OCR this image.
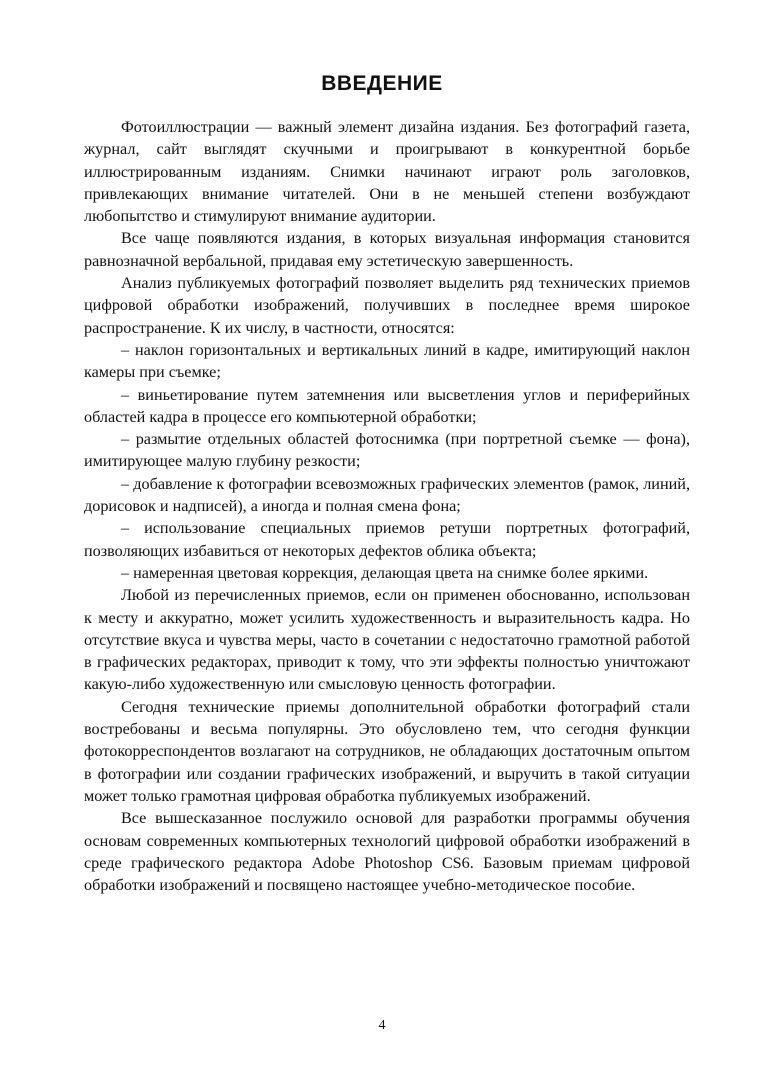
ВВЕДЕНИЕ

Фотоиллюстрации — важный элемент дизайна издания. Без фотографий газета, журнал, сайт выглядят скучными и проигрывают в конкурентной борьбе иллюстрированным изданиям. Снимки начинают играют роль заголовков, привлекающих внимание читателей. Они в не меньшей степени возбуждают любопытство и стимулируют внимание аудитории.

Все чаще появляются издания, в которых визуальная информация становится равнозначной вербальной, придавая ему эстетическую завершенность.

Анализ публикуемых фотографий позволяет выделить ряд технических приемов цифровой обработки изображений, получивших в последнее время широкое распространение. К их числу, в частности, относятся:

– наклон горизонтальных и вертикальных линий в кадре, имитирующий наклон камеры при съемке;

– виньетирование путем затемнения или высветления углов и периферийных областей кадра в процессе его компьютерной обработки;

– размытие отдельных областей фотоснимка (при портретной съемке — фона), имитирующее малую глубину резкости;

– добавление к фотографии всевозможных графических элементов (рамок, линий, дорисовок и надписей), а иногда и полная смена фона;

– использование специальных приемов ретуши портретных фотографий, позволяющих избавиться от некоторых дефектов облика объекта;

– намеренная цветовая коррекция, делающая цвета на снимке более яркими.

Любой из перечисленных приемов, если он применен обоснованно, использован к месту и аккуратно, может усилить художественность и выразительность кадра. Но отсутствие вкуса и чувства меры, часто в сочетании с недостаточно грамотной работой в графических редакторах, приводит к тому, что эти эффекты полностью уничтожают какую-либо художественную или смысловую ценность фотографии.

Сегодня технические приемы дополнительной обработки фотографий стали востребованы и весьма популярны. Это обусловлено тем, что сегодня функции фотокорреспондентов возлагают на сотрудников, не обладающих достаточным опытом в фотографии или создании графических изображений, и выручить в такой ситуации может только грамотная цифровая обработка публикуемых изображений.

Все вышесказанное послужило основой для разработки программы обучения основам современных компьютерных технологий цифровой обработки изображений в среде графического редактора Adobe Photoshop CS6. Базовым приемам цифровой обработки изображений и посвящено настоящее учебно-методическое пособие.

4
